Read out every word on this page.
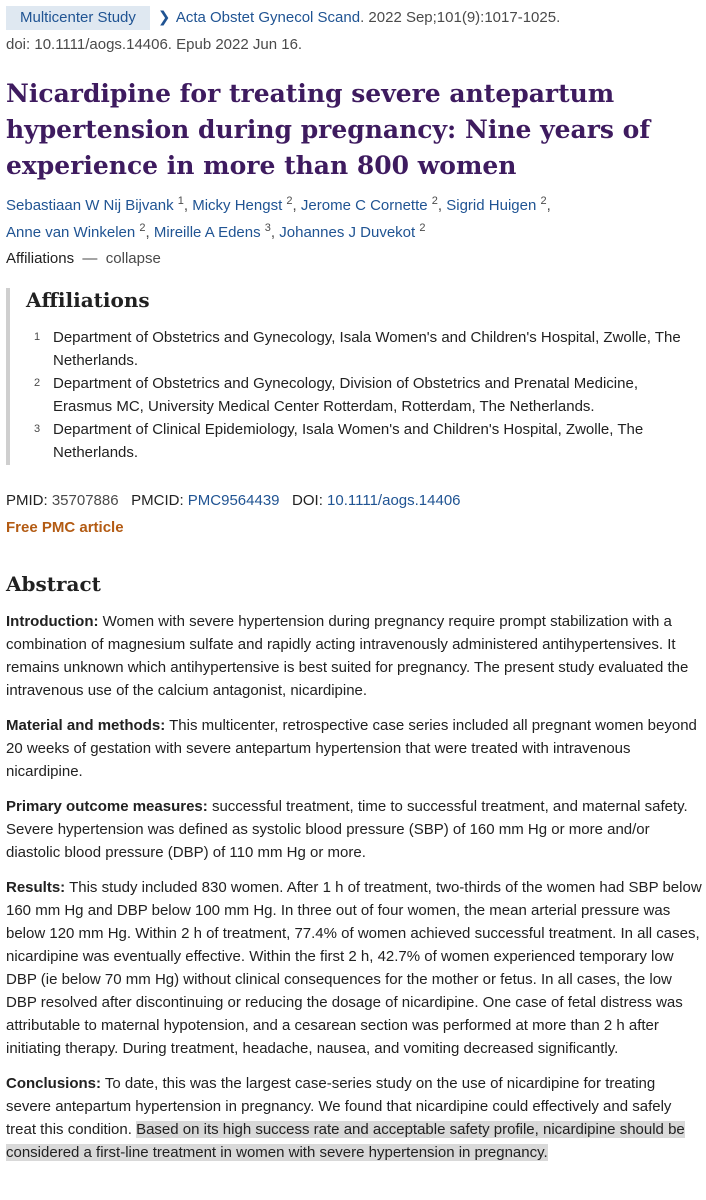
Multicenter Study ❯ Acta Obstet Gynecol Scand. 2022 Sep;101(9):1017-1025.
doi: 10.1111/aogs.14406. Epub 2022 Jun 16.
Nicardipine for treating severe antepartum hypertension during pregnancy: Nine years of experience in more than 800 women
Sebastiaan W Nij Bijvank $^1$, Micky Hengst $^2$, Jerome C Cornette $^2$, Sigrid Huigen $^2$,
Anne van Winkelen $^2$, Mireille A Edens $^3$, Johannes J Duvekot $^2$
Affiliations  —  collapse
Affiliations
1 Department of Obstetrics and Gynecology, Isala Women's and Children's Hospital, Zwolle, The Netherlands.
2 Department of Obstetrics and Gynecology, Division of Obstetrics and Prenatal Medicine, Erasmus MC, University Medical Center Rotterdam, Rotterdam, The Netherlands.
3 Department of Clinical Epidemiology, Isala Women's and Children's Hospital, Zwolle, The Netherlands.
PMID: 35707886 PMCID: PMC9564439 DOI: 10.1111/aogs.14406
Free PMC article
Abstract

Introduction: Women with severe hypertension during pregnancy require prompt stabilization with a combination of magnesium sulfate and rapidly acting intravenously administered antihypertensives. It remains unknown which antihypertensive is best suited for pregnancy. The present study evaluated the intravenous use of the calcium antagonist, nicardipine.

Material and methods: This multicenter, retrospective case series included all pregnant women beyond 20 weeks of gestation with severe antepartum hypertension that were treated with intravenous nicardipine.

Primary outcome measures: successful treatment, time to successful treatment, and maternal safety. Severe hypertension was defined as systolic blood pressure (SBP) of 160 mm Hg or more and/or diastolic blood pressure (DBP) of 110 mm Hg or more.

Results: This study included 830 women. After 1 h of treatment, two-thirds of the women had SBP below 160 mm Hg and DBP below 100 mm Hg. In three out of four women, the mean arterial pressure was below 120 mm Hg. Within 2 h of treatment, 77.4% of women achieved successful treatment. In all cases, nicardipine was eventually effective. Within the first 2 h, 42.7% of women experienced temporary low DBP (ie below 70 mm Hg) without clinical consequences for the mother or fetus. In all cases, the low DBP resolved after discontinuing or reducing the dosage of nicardipine. One case of fetal distress was attributable to maternal hypotension, and a cesarean section was performed at more than 2 h after initiating therapy. During treatment, headache, nausea, and vomiting decreased significantly.

Conclusions: To date, this was the largest case-series study on the use of nicardipine for treating severe antepartum hypertension in pregnancy. We found that nicardipine could effectively and safely treat this condition. Based on its high success rate and acceptable safety profile, nicardipine should be considered a first-line treatment in women with severe hypertension in pregnancy.
